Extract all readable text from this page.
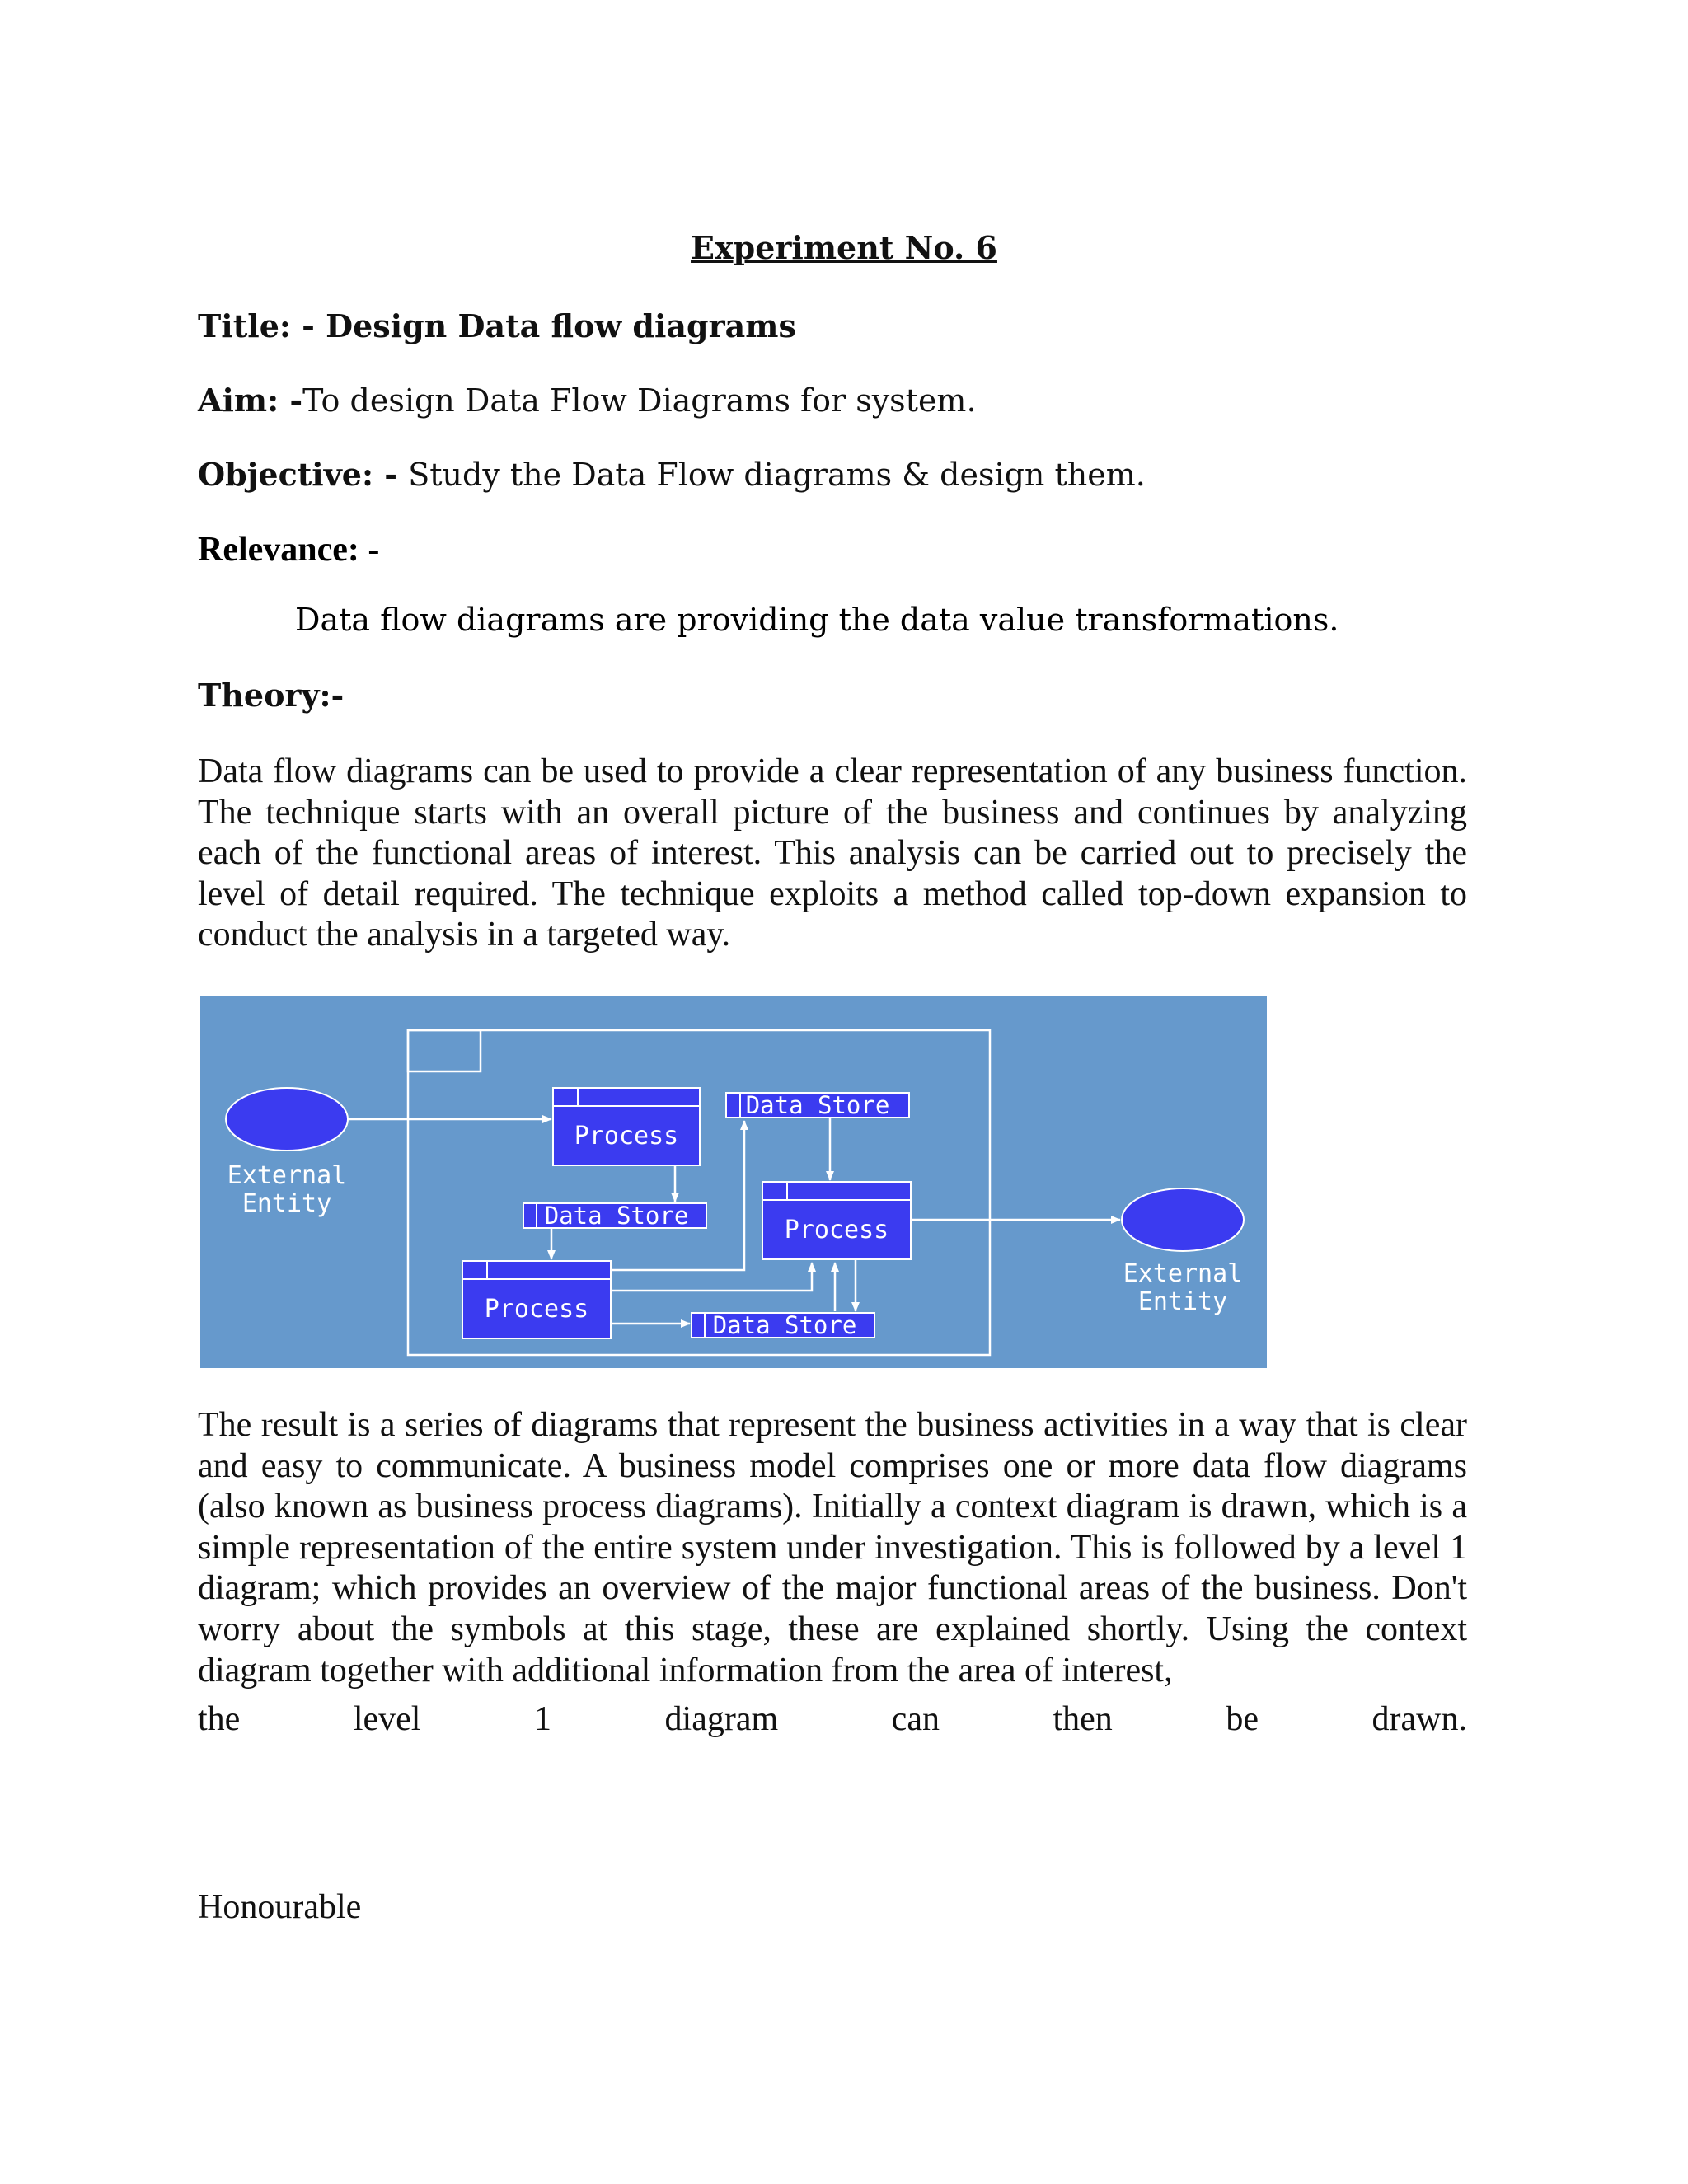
Experiment No. 6

Title: - Design Data flow diagrams

Aim: -To design Data Flow Diagrams for system.

Objective: - Study the Data Flow diagrams & design them.

Relevance: -

Data flow diagrams are providing the data value transformations.

Theory:-

Data flow diagrams can be used to provide a clear representation of any business function. The technique starts with an overall picture of the business and continues by analyzing each of the functional areas of interest. This analysis can be carried out to precisely the level of detail required. The technique exploits a method called top-down expansion to conduct the analysis in a targeted way.

External
Entity
External
Entity
Process
Process
Process
Data Store
Data Store
Data Store

The result is a series of diagrams that represent the business activities in a way that is clear and easy to communicate. A business model comprises one or more data flow diagrams (also known as business process diagrams). Initially a context diagram is drawn, which is a simple representation of the entire system under investigation. This is followed by a level 1 diagram; which provides an overview of the major functional areas of the business. Don't worry about the symbols at this stage, these are explained shortly. Using the context diagram together with additional information from the area of interest,

the	level	1	diagram	can	then	be	drawn.

Honourable
